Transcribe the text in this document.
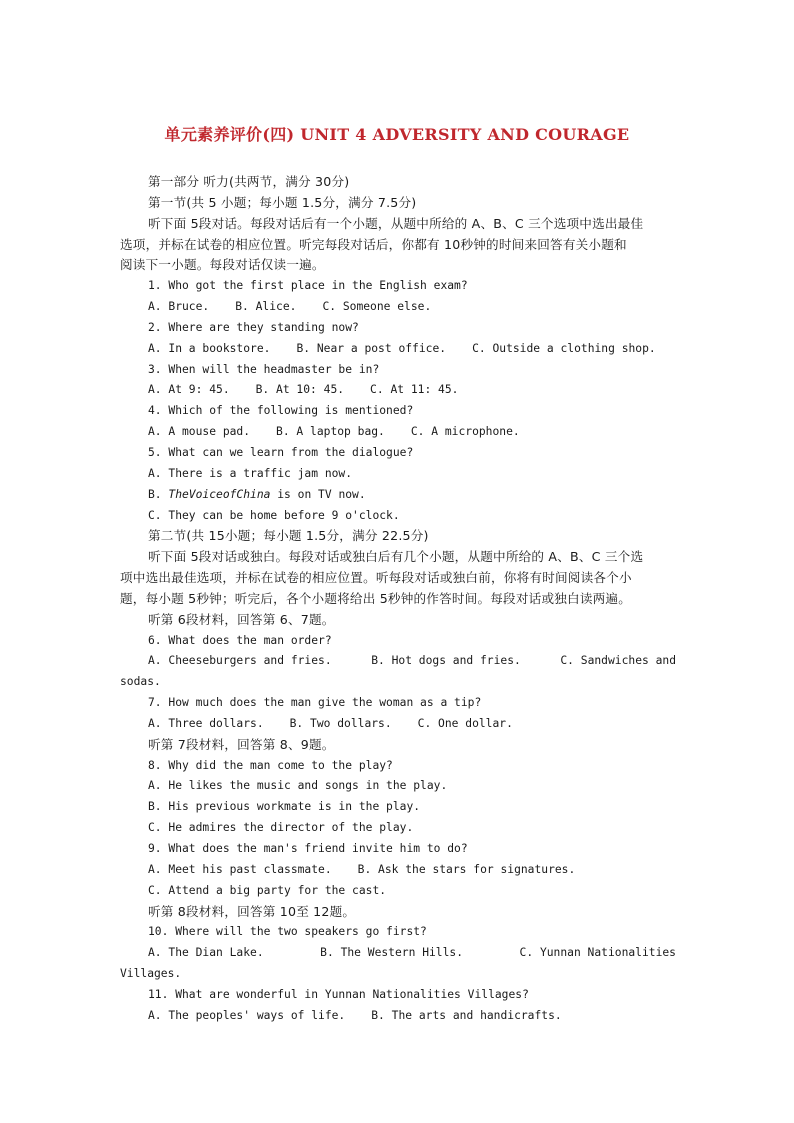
单元素养评价(四) UNIT 4 ADVERSITY AND COURAGE
第一部分 听力(共两节，满分 30分)
第一节(共 5 小题；每小题 1.5分，满分 7.5分)
听下面 5段对话。每段对话后有一个小题，从题中所给的 A、B、C 三个选项中选出最佳
选项，并标在试卷的相应位置。听完每段对话后，你都有 10秒钟的时间来回答有关小题和
阅读下一小题。每段对话仅读一遍。
1. Who got the first place in the English exam?
A. Bruce. B. Alice. C. Someone else.
2. Where are they standing now?
A. In a bookstore. B. Near a post office. C. Outside a clothing shop.
3. When will the headmaster be in?
A. At 9: 45. B. At 10: 45. C. At 11: 45.
4. Which of the following is mentioned?
A. A mouse pad. B. A laptop bag. C. A microphone.
5. What can we learn from the dialogue?
A. There is a traffic jam now.
B. TheVoiceofChina is on TV now.
C. They can be home before 9 o'clock.
第二节(共 15小题；每小题 1.5分，满分 22.5分)
听下面 5段对话或独白。每段对话或独白后有几个小题，从题中所给的 A、B、C 三个选
项中选出最佳选项，并标在试卷的相应位置。听每段对话或独白前，你将有时间阅读各个小
题，每小题 5秒钟；听完后，各个小题将给出 5秒钟的作答时间。每段对话或独白读两遍。
听第 6段材料，回答第 6、7题。
6. What does the man order?
A. Cheeseburgers and fries.	B. Hot dogs and fries.	C. Sandwiches and
sodas.
7. How much does the man give the woman as a tip?
A. Three dollars. B. Two dollars. C. One dollar.
听第 7段材料，回答第 8、9题。
8. Why did the man come to the play?
A. He likes the music and songs in the play.
B. His previous workmate is in the play.
C. He admires the director of the play.
9. What does the man's friend invite him to do?
A. Meet his past classmate. B. Ask the stars for signatures.
C. Attend a big party for the cast.
听第 8段材料，回答第 10至 12题。
10. Where will the two speakers go first?
A. The Dian Lake.	B. The Western Hills.	C. Yunnan Nationalities
Villages.
11. What are wonderful in Yunnan Nationalities Villages?
A. The peoples' ways of life. B. The arts and handicrafts.
